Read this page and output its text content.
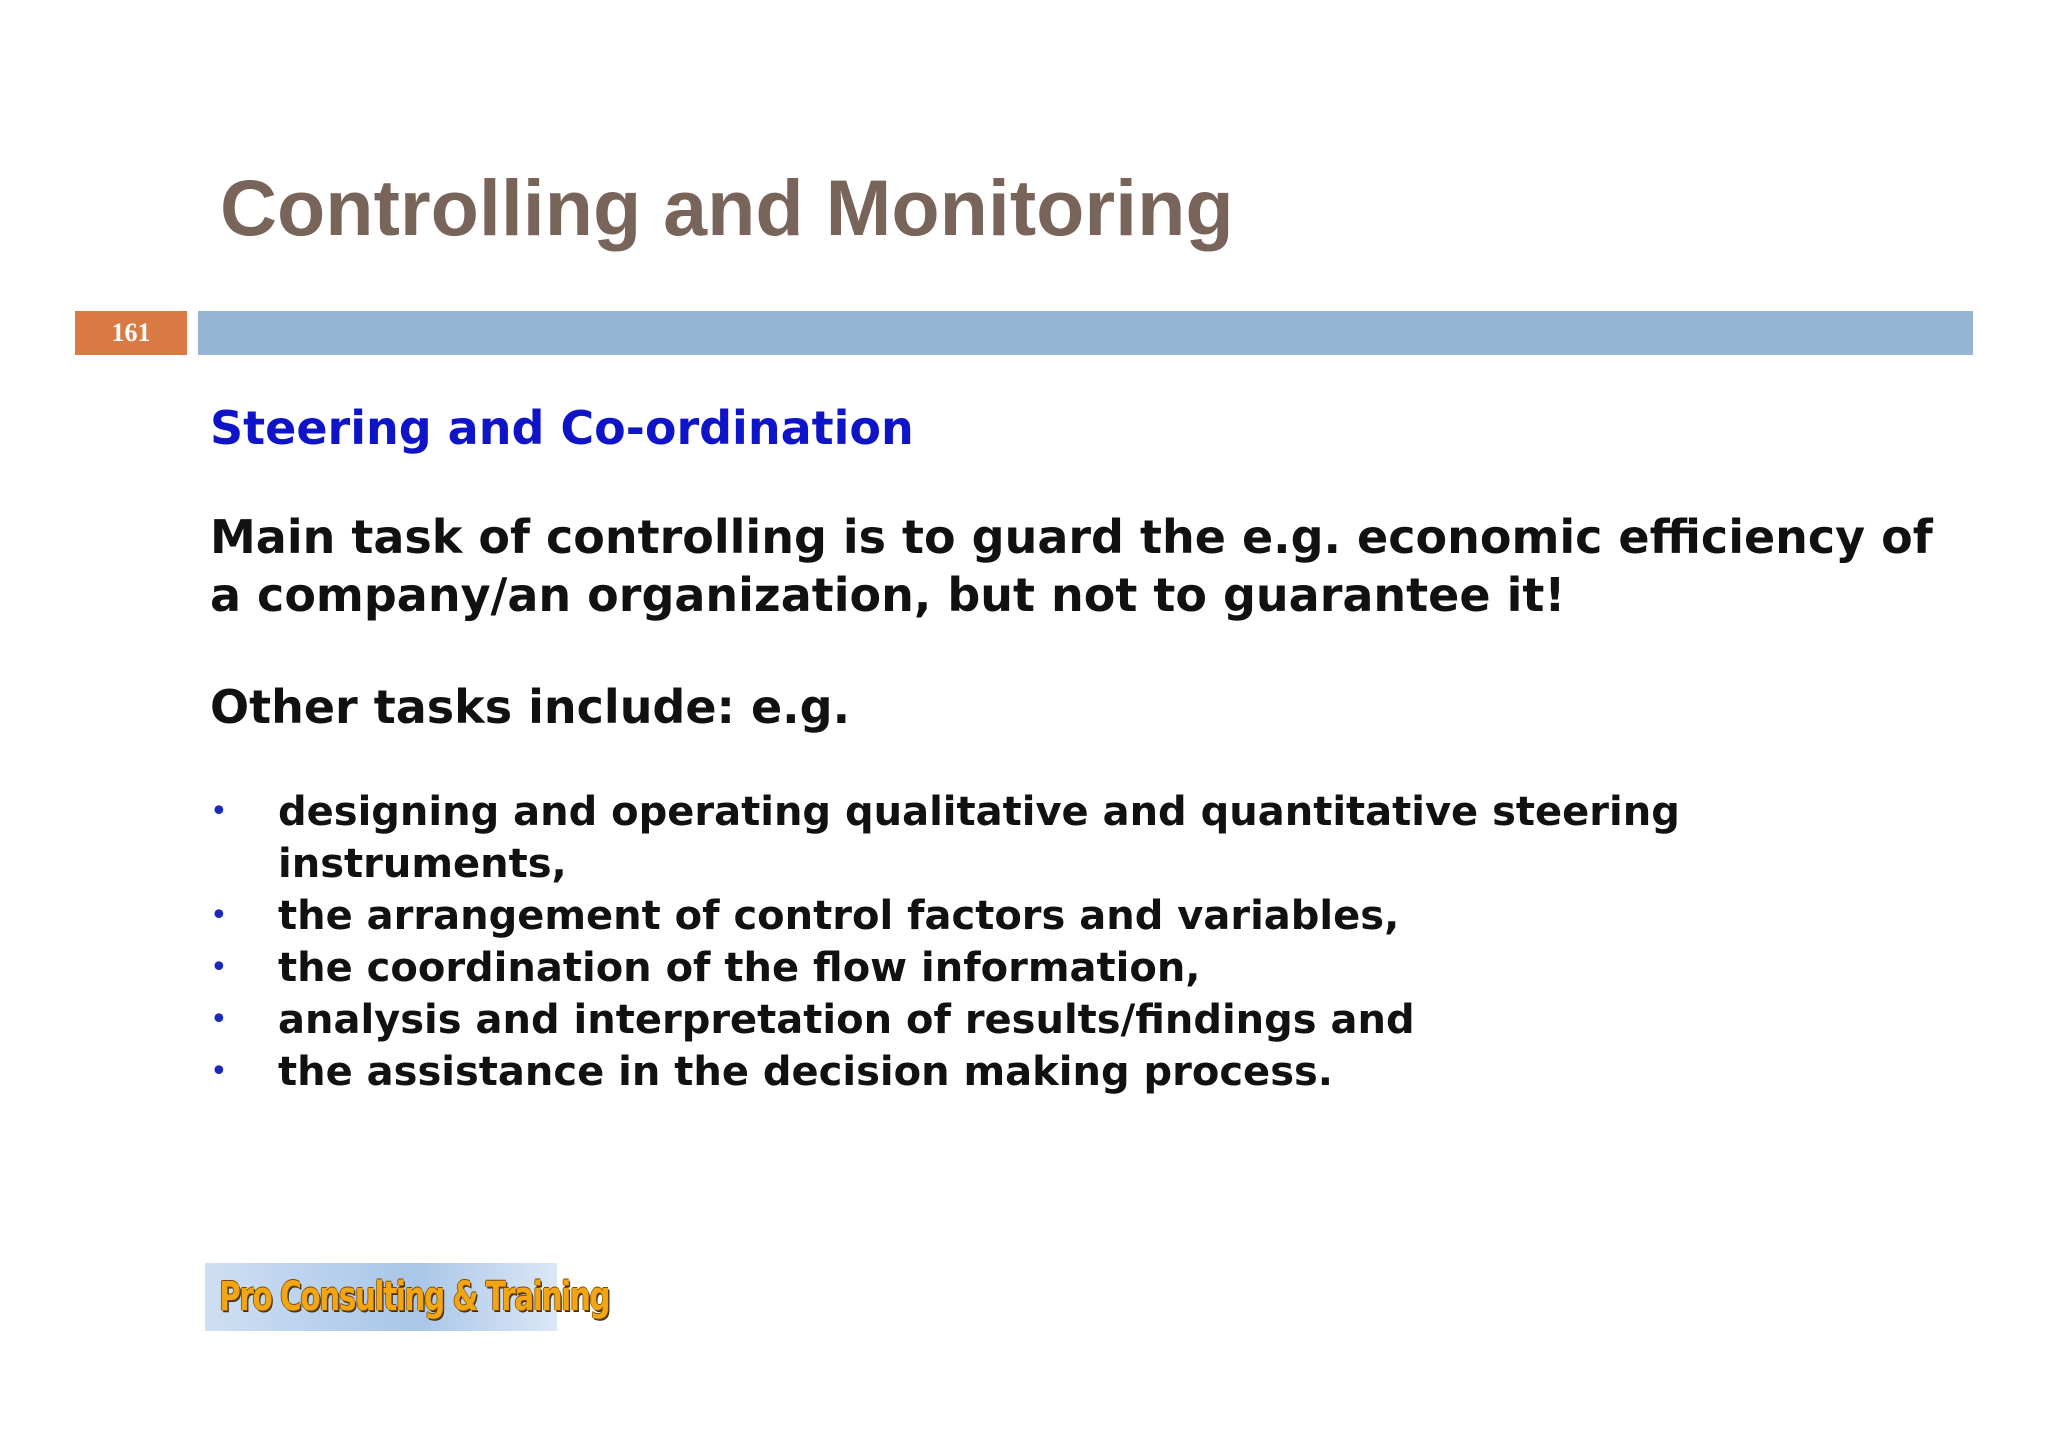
Controlling and Monitoring
161
Steering and Co-ordination

Main task of controlling is to guard the e.g. economic efficiency of a company/an organization, but not to guarantee it!

Other tasks include: e.g.

• designing and operating qualitative and quantitative steering instruments,
• the arrangement of control factors and variables,
• the coordination of the flow information,
• analysis and interpretation of results/findings and
• the assistance in the decision making process.
Pro Consulting & Training
